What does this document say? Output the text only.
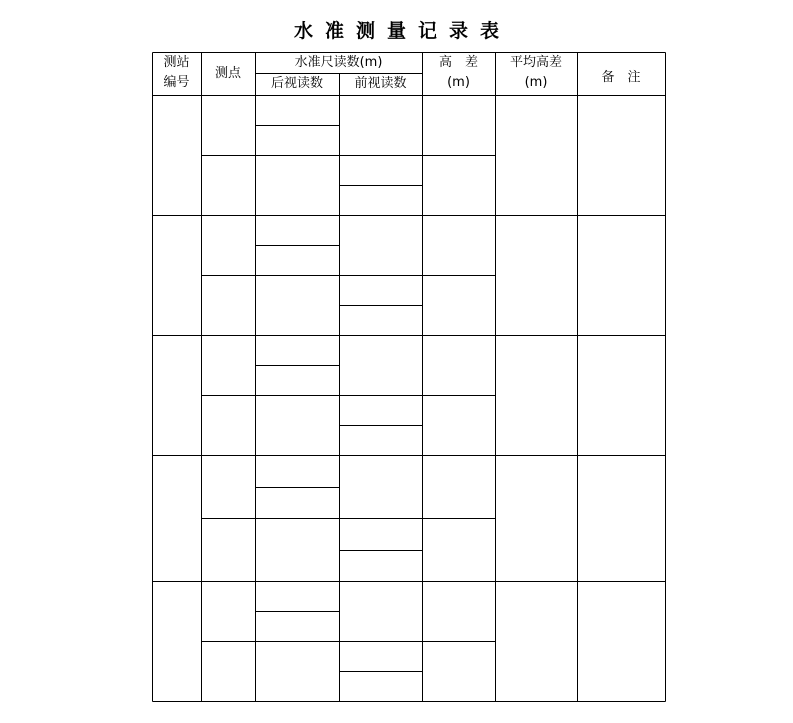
水准测量记录表
测站
编号
测点
水准尺读数(m)
后视读数	前视读数
高　差
(m)
平均高差
(m)	备　注
